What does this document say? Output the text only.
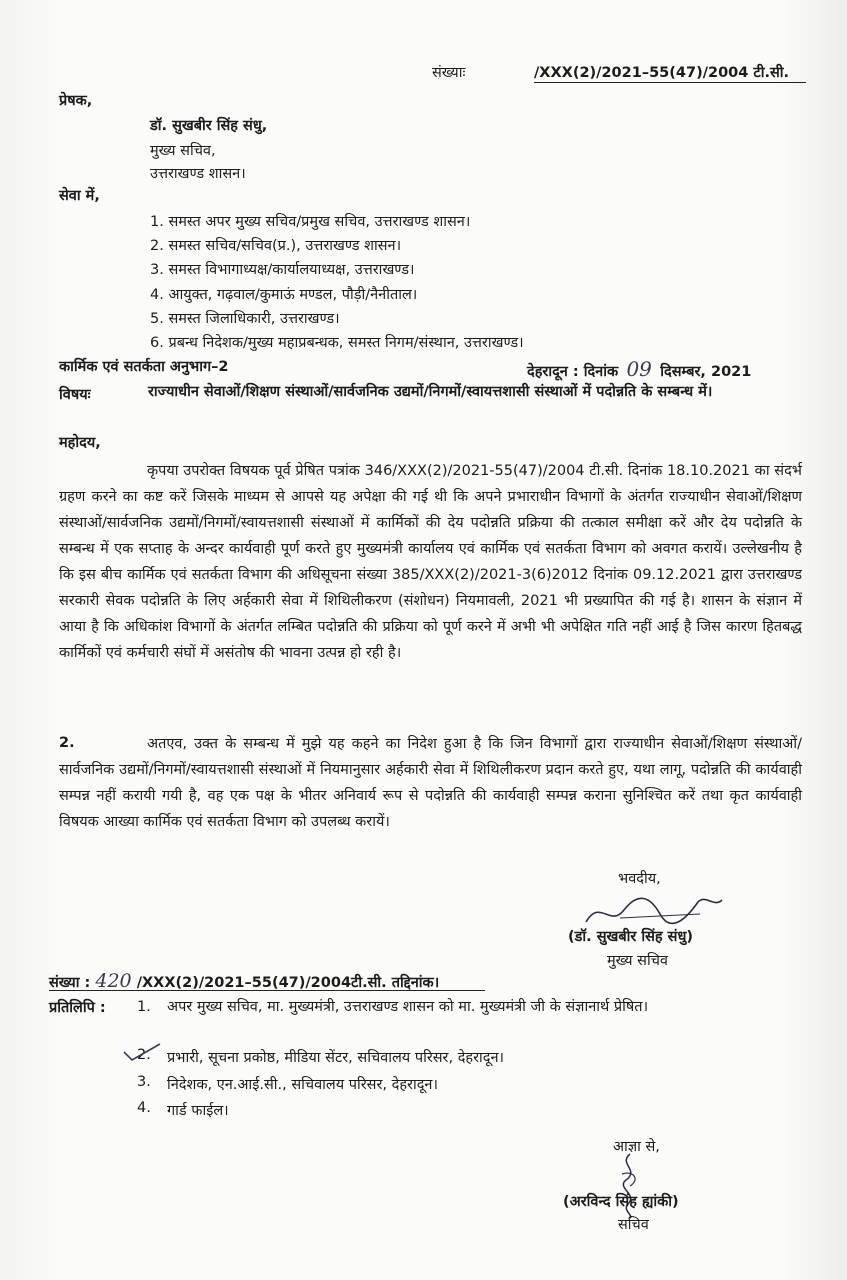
संख्याः	/XXX(2)/2021–55(47)/2004 टी.सी.
प्रेषक,
डॉ. सुखबीर सिंह संधु,
मुख्य सचिव,
उत्तराखण्ड शासन।
सेवा में,
1. समस्त अपर मुख्य सचिव/प्रमुख सचिव, उत्तराखण्ड शासन।
2. समस्त सचिव/सचिव(प्र.), उत्तराखण्ड शासन।
3. समस्त विभागाध्यक्ष/कार्यालयाध्यक्ष, उत्तराखण्ड।
4. आयुक्त, गढ़वाल/कुमाऊं मण्डल, पौड़ी/नैनीताल।
5. समस्त जिलाधिकारी, उत्तराखण्ड।
6. प्रबन्ध निदेशक/मुख्य महाप्रबन्धक, समस्त निगम/संस्थान, उत्तराखण्ड।
कार्मिक एवं सतर्कता अनुभाग–2	देहरादून : दिनांक 09 दिसम्बर, 2021
विषयः	राज्याधीन सेवाओं/शिक्षण संस्थाओं/सार्वजनिक उद्यमों/निगमों/स्वायत्तशासी संस्थाओं में पदोन्नति के सम्बन्ध में।
महोदय,
कृपया उपरोक्त विषयक पूर्व प्रेषित पत्रांक 346/XXX(2)/2021-55(47)/2004 टी.सी. दिनांक 18.10.2021 का संदर्भ ग्रहण करने का कष्ट करें जिसके माध्यम से आपसे यह अपेक्षा की गई थी कि अपने प्रभाराधीन विभागों के अंतर्गत राज्याधीन सेवाओं/शिक्षण संस्थाओं/सार्वजनिक उद्यमों/निगमों/स्वायत्तशासी संस्थाओं में कार्मिकों की देय पदोन्नति प्रक्रिया की तत्काल समीक्षा करें और देय पदोन्नति के सम्बन्ध में एक सप्ताह के अन्दर कार्यवाही पूर्ण करते हुए मुख्यमंत्री कार्यालय एवं कार्मिक एवं सतर्कता विभाग को अवगत करायें। उल्लेखनीय है कि इस बीच कार्मिक एवं सतर्कता विभाग की अधिसूचना संख्या 385/XXX(2)/2021-3(6)2012 दिनांक 09.12.2021 द्वारा उत्तराखण्ड सरकारी सेवक पदोन्नति के लिए अर्हकारी सेवा में शिथिलीकरण (संशोधन) नियमावली, 2021 भी प्रख्यापित की गई है। शासन के संज्ञान में आया है कि अधिकांश विभागों के अंतर्गत लम्बित पदोन्नति की प्रक्रिया को पूर्ण करने में अभी भी अपेक्षित गति नहीं आई है जिस कारण हितबद्ध कार्मिकों एवं कर्मचारी संघों में असंतोष की भावना उत्पन्न हो रही है।
2.	अतएव, उक्त के सम्बन्ध में मुझे यह कहने का निदेश हुआ है कि जिन विभागों द्वारा राज्याधीन सेवाओं/शिक्षण संस्थाओं/सार्वजनिक उद्यमों/निगमों/स्वायत्तशासी संस्थाओं में नियमानुसार अर्हकारी सेवा में शिथिलीकरण प्रदान करते हुए, यथा लागू, पदोन्नति की कार्यवाही सम्पन्न नहीं करायी गयी है, वह एक पक्ष के भीतर अनिवार्य रूप से पदोन्नति की कार्यवाही सम्पन्न कराना सुनिश्चित करें तथा कृत कार्यवाही विषयक आख्या कार्मिक एवं सतर्कता विभाग को उपलब्ध करायें।
भवदीय,
(डॉ. सुखबीर सिंह संधु)
मुख्य सचिव
संख्या : 420 /XXX(2)/2021–55(47)/2004टी.सी. तद्दिनांक।
प्रतिलिपि : 1. अपर मुख्य सचिव, मा. मुख्यमंत्री, उत्तराखण्ड शासन को मा. मुख्यमंत्री जी के संज्ञानार्थ प्रेषित।
2. प्रभारी, सूचना प्रकोष्ठ, मीडिया सेंटर, सचिवालय परिसर, देहरादून।
3. निदेशक, एन.आई.सी., सचिवालय परिसर, देहरादून।
4. गार्ड फाईल।
आज्ञा से,
(अरविन्द सिंह ह्यांकी)
सचिव
